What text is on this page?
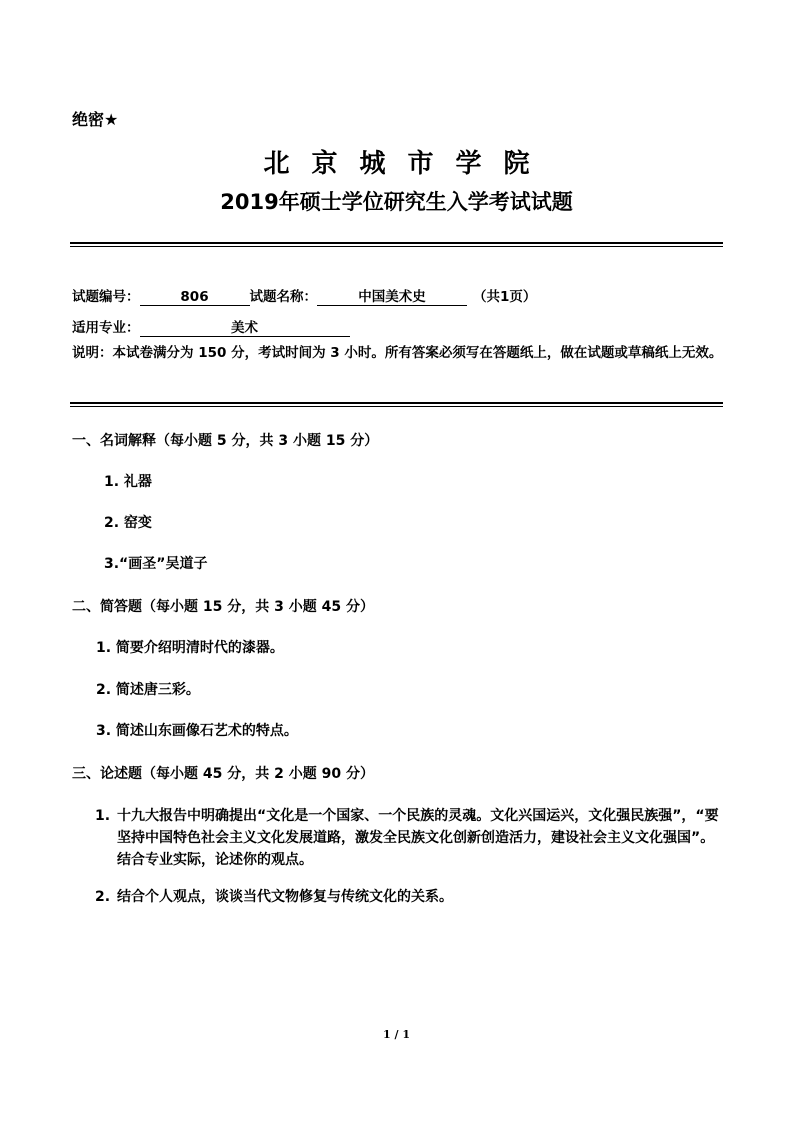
绝密★
北京城市学院
2019年硕士学位研究生入学考试试题
试题编号：	806	试题名称：	中国美术史	（共1页）
适用专业：	美术
说明：本试卷满分为 150 分，考试时间为 3 小时。所有答案必须写在答题纸上，做在试题或草稿纸上无效。
一、名词解释（每小题 5 分，共 3 小题 15 分）
1. 礼器
2. 窑变
3.“画圣”吴道子
二、简答题（每小题 15 分，共 3 小题 45 分）
1. 简要介绍明清时代的漆器。
2. 简述唐三彩。
3. 简述山东画像石艺术的特点。
三、论述题（每小题 45 分，共 2 小题 90 分）
1. 十九大报告中明确提出“文化是一个国家、一个民族的灵魂。文化兴国运兴，文化强民族强”，“要坚持中国特色社会主义文化发展道路，激发全民族文化创新创造活力，建设社会主义文化强国”。结合专业实际，论述你的观点。
2. 结合个人观点，谈谈当代文物修复与传统文化的关系。
1 / 1
